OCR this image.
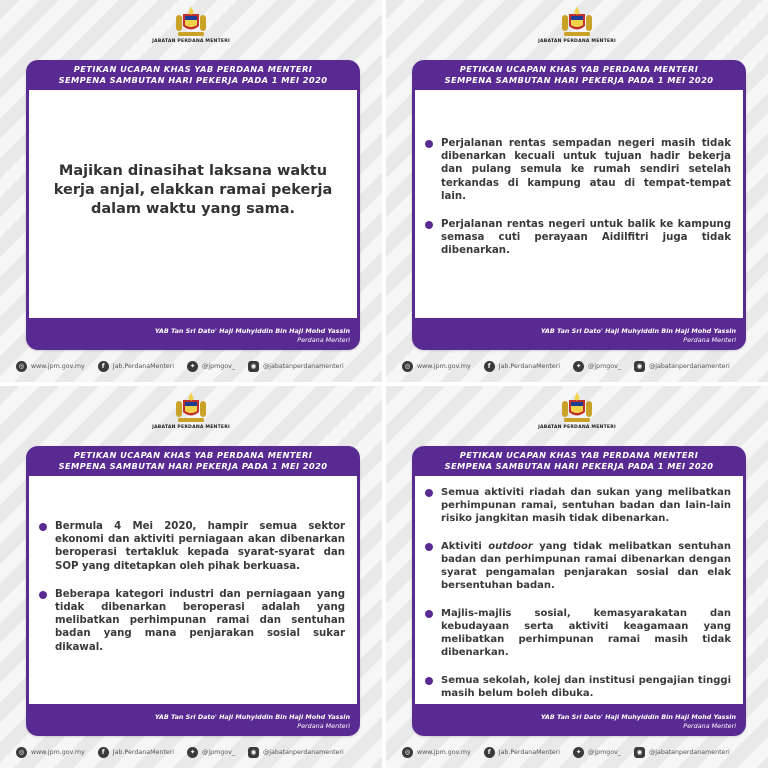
JABATAN PERDANA MENTERI
PETIKAN UCAPAN KHAS YAB PERDANA MENTERI
SEMPENA SAMBUTAN HARI PEKERJA PADA 1 MEI 2020
Majikan dinasihat laksana waktu kerja anjal, elakkan ramai pekerja dalam waktu yang sama.
YAB Tan Sri Dato' Haji Muhyiddin Bin Haji Mohd Yassin
Perdana Menteri
◎	www.jpm.gov.my	f	Jab.PerdanaMenteri	✦	@jpmgov_	◉	@jabatanperdanamenteri
JABATAN PERDANA MENTERI
PETIKAN UCAPAN KHAS YAB PERDANA MENTERI
SEMPENA SAMBUTAN HARI PEKERJA PADA 1 MEI 2020
Perjalanan rentas sempadan negeri masih tidak dibenarkan kecuali untuk tujuan hadir bekerja dan pulang semula ke rumah sendiri setelah terkandas di kampung atau di tempat-tempat lain.
Perjalanan rentas negeri untuk balik ke kampung semasa cuti perayaan Aidilfitri juga tidak dibenarkan.
YAB Tan Sri Dato' Haji Muhyiddin Bin Haji Mohd Yassin
Perdana Menteri
◎	www.jpm.gov.my	f	Jab.PerdanaMenteri	✦	@jpmgov_	◉	@jabatanperdanamenteri
JABATAN PERDANA MENTERI
PETIKAN UCAPAN KHAS YAB PERDANA MENTERI
SEMPENA SAMBUTAN HARI PEKERJA PADA 1 MEI 2020
Bermula 4 Mei 2020, hampir semua sektor ekonomi dan aktiviti perniagaan akan dibenarkan beroperasi tertakluk kepada syarat-syarat dan SOP yang ditetapkan oleh pihak berkuasa.
Beberapa kategori industri dan perniagaan yang tidak dibenarkan beroperasi adalah yang melibatkan perhimpunan ramai dan sentuhan badan yang mana penjarakan sosial sukar dikawal.
YAB Tan Sri Dato' Haji Muhyiddin Bin Haji Mohd Yassin
Perdana Menteri
◎	www.jpm.gov.my	f	Jab.PerdanaMenteri	✦	@jpmgov_	◉	@jabatanperdanamenteri
JABATAN PERDANA MENTERI
PETIKAN UCAPAN KHAS YAB PERDANA MENTERI
SEMPENA SAMBUTAN HARI PEKERJA PADA 1 MEI 2020
Semua aktiviti riadah dan sukan yang melibatkan perhimpunan ramai, sentuhan badan dan lain-lain risiko jangkitan masih tidak dibenarkan.
Aktiviti outdoor yang tidak melibatkan sentuhan badan dan perhimpunan ramai dibenarkan dengan syarat pengamalan penjarakan sosial dan elak bersentuhan badan.
Majlis-majlis sosial, kemasyarakatan dan kebudayaan serta aktiviti keagamaan yang melibatkan perhimpunan ramai masih tidak dibenarkan.
Semua sekolah, kolej dan institusi pengajian tinggi masih belum boleh dibuka.
YAB Tan Sri Dato' Haji Muhyiddin Bin Haji Mohd Yassin
Perdana Menteri
◎	www.jpm.gov.my	f	Jab.PerdanaMenteri	✦	@jpmgov_	◉	@jabatanperdanamenteri
